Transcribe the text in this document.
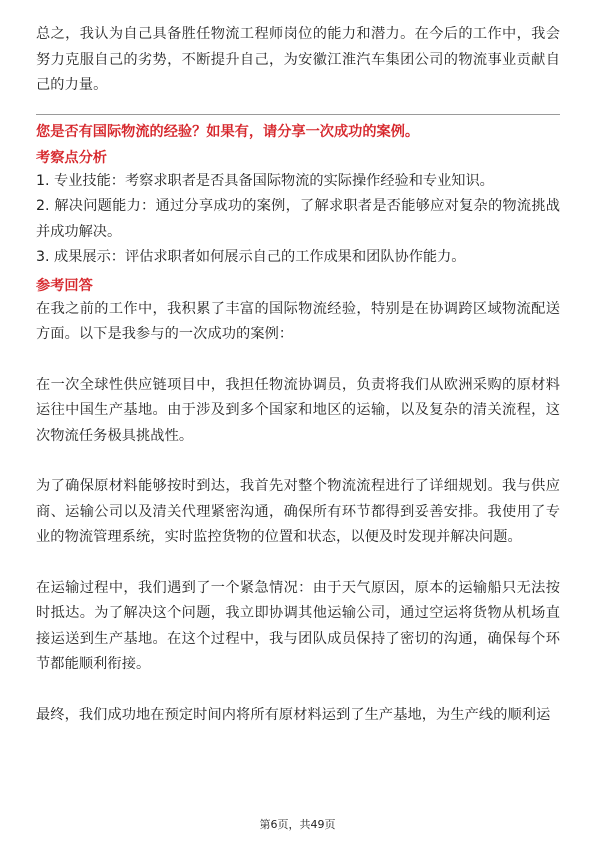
总之，我认为自己具备胜任物流工程师岗位的能力和潜力。在今后的工作中，我会努力克服自己的劣势，不断提升自己，为安徽江淮汽车集团公司的物流事业贡献自己的力量。

您是否有国际物流的经验？如果有，请分享一次成功的案例。

考察点分析

1. 专业技能：考察求职者是否具备国际物流的实际操作经验和专业知识。

2. 解决问题能力：通过分享成功的案例，了解求职者是否能够应对复杂的物流挑战并成功解决。

3. 成果展示：评估求职者如何展示自己的工作成果和团队协作能力。

参考回答

在我之前的工作中，我积累了丰富的国际物流经验，特别是在协调跨区域物流配送方面。以下是我参与的一次成功的案例：

在一次全球性供应链项目中，我担任物流协调员，负责将我们从欧洲采购的原材料运往中国生产基地。由于涉及到多个国家和地区的运输，以及复杂的清关流程，这次物流任务极具挑战性。

为了确保原材料能够按时到达，我首先对整个物流流程进行了详细规划。我与供应商、运输公司以及清关代理紧密沟通，确保所有环节都得到妥善安排。我使用了专业的物流管理系统，实时监控货物的位置和状态，以便及时发现并解决问题。

在运输过程中，我们遇到了一个紧急情况：由于天气原因，原本的运输船只无法按时抵达。为了解决这个问题，我立即协调其他运输公司，通过空运将货物从机场直接运送到生产基地。在这个过程中，我与团队成员保持了密切的沟通，确保每个环节都能顺利衔接。

最终，我们成功地在预定时间内将所有原材料运到了生产基地，为生产线的顺利运

第6页，共49页
